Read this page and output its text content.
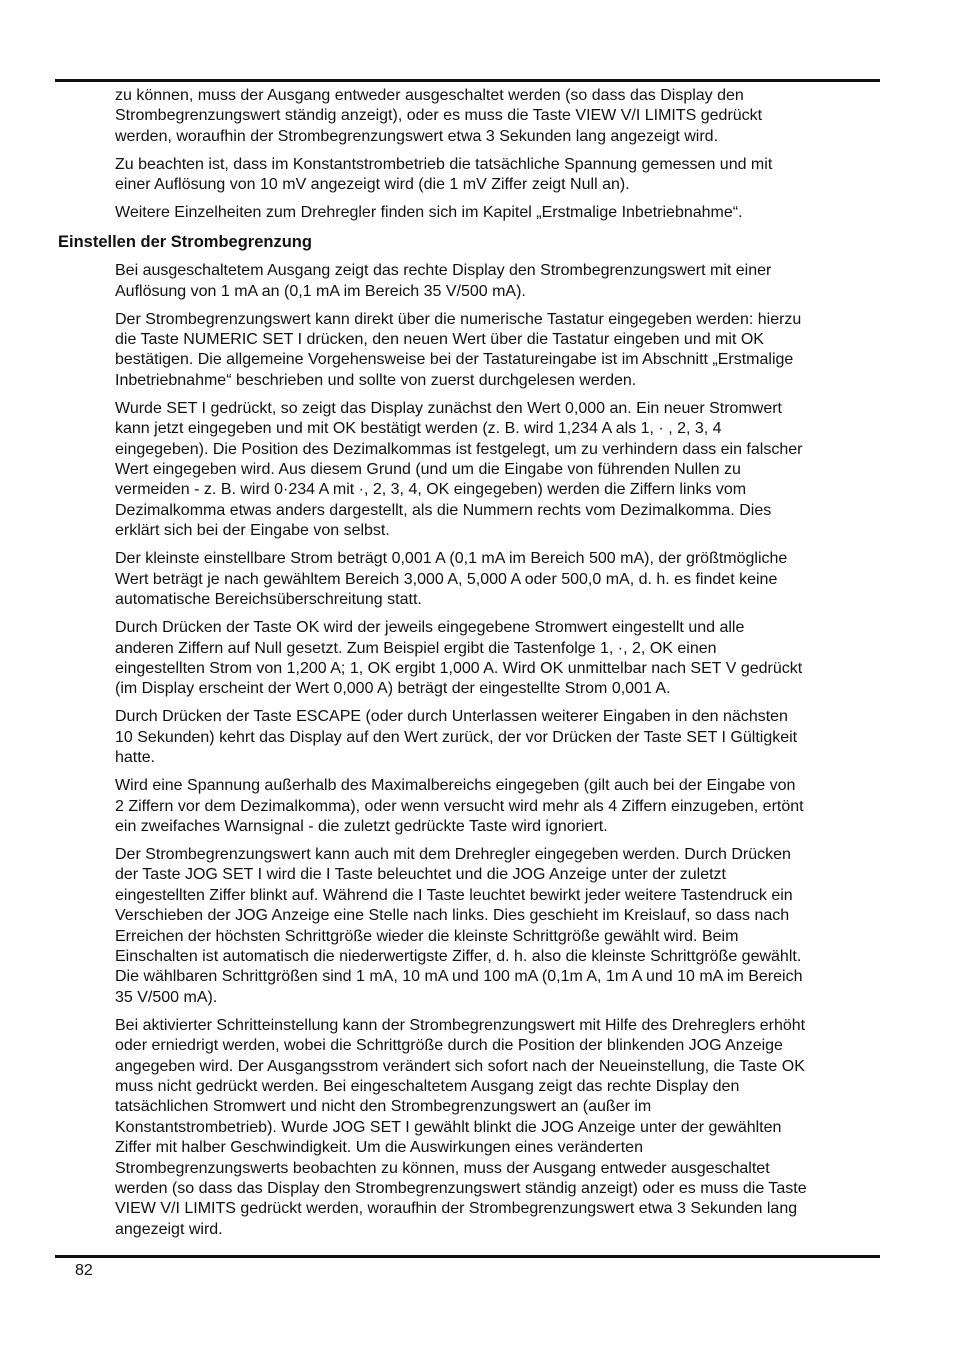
zu können, muss der Ausgang entweder ausgeschaltet werden (so dass das Display den
Strombegrenzungswert ständig anzeigt), oder es muss die Taste VIEW V/I LIMITS gedrückt
werden, woraufhin der Strombegrenzungswert etwa 3 Sekunden lang angezeigt wird.

Zu beachten ist, dass im Konstantstrombetrieb die tatsächliche Spannung gemessen und mit
einer Auflösung von 10 mV angezeigt wird (die 1 mV Ziffer zeigt Null an).

Weitere Einzelheiten zum Drehregler finden sich im Kapitel „Erstmalige Inbetriebnahme“.

Einstellen der Strombegrenzung

Bei ausgeschaltetem Ausgang zeigt das rechte Display den Strombegrenzungswert mit einer
Auflösung von 1 mA an (0,1 mA im Bereich 35 V/500 mA).

Der Strombegrenzungswert kann direkt über die numerische Tastatur eingegeben werden: hierzu
die Taste NUMERIC SET I drücken, den neuen Wert über die Tastatur eingeben und mit OK
bestätigen. Die allgemeine Vorgehensweise bei der Tastatureingabe ist im Abschnitt „Erstmalige
Inbetriebnahme“ beschrieben und sollte von zuerst durchgelesen werden.

Wurde SET I gedrückt, so zeigt das Display zunächst den Wert 0,000 an. Ein neuer Stromwert
kann jetzt eingegeben und mit OK bestätigt werden (z. B. wird 1,234 A als 1, · , 2, 3, 4
eingegeben). Die Position des Dezimalkommas ist festgelegt, um zu verhindern dass ein falscher
Wert eingegeben wird. Aus diesem Grund (und um die Eingabe von führenden Nullen zu
vermeiden - z. B. wird 0·234 A mit ·, 2, 3, 4, OK eingegeben) werden die Ziffern links vom
Dezimalkomma etwas anders dargestellt, als die Nummern rechts vom Dezimalkomma. Dies
erklärt sich bei der Eingabe von selbst.

Der kleinste einstellbare Strom beträgt 0,001 A (0,1 mA im Bereich 500 mA), der größtmögliche
Wert beträgt je nach gewähltem Bereich 3,000 A, 5,000 A oder 500,0 mA, d. h. es findet keine
automatische Bereichsüberschreitung statt.

Durch Drücken der Taste OK wird der jeweils eingegebene Stromwert eingestellt und alle
anderen Ziffern auf Null gesetzt. Zum Beispiel ergibt die Tastenfolge 1, ·, 2, OK einen
eingestellten Strom von 1,200 A; 1, OK ergibt 1,000 A. Wird OK unmittelbar nach SET V gedrückt
(im Display erscheint der Wert 0,000 A) beträgt der eingestellte Strom 0,001 A.

Durch Drücken der Taste ESCAPE (oder durch Unterlassen weiterer Eingaben in den nächsten
10 Sekunden) kehrt das Display auf den Wert zurück, der vor Drücken der Taste SET I Gültigkeit
hatte.

Wird eine Spannung außerhalb des Maximalbereichs eingegeben (gilt auch bei der Eingabe von
2 Ziffern vor dem Dezimalkomma), oder wenn versucht wird mehr als 4 Ziffern einzugeben, ertönt
ein zweifaches Warnsignal - die zuletzt gedrückte Taste wird ignoriert.

Der Strombegrenzungswert kann auch mit dem Drehregler eingegeben werden. Durch Drücken
der Taste JOG SET I wird die I Taste beleuchtet und die JOG Anzeige unter der zuletzt
eingestellten Ziffer blinkt auf. Während die I Taste leuchtet bewirkt jeder weitere Tastendruck ein
Verschieben der JOG Anzeige eine Stelle nach links. Dies geschieht im Kreislauf, so dass nach
Erreichen der höchsten Schrittgröße wieder die kleinste Schrittgröße gewählt wird. Beim
Einschalten ist automatisch die niederwertigste Ziffer, d. h. also die kleinste Schrittgröße gewählt.
Die wählbaren Schrittgrößen sind 1 mA, 10 mA und 100 mA (0,1m A, 1m A und 10 mA im Bereich
35 V/500 mA).

Bei aktivierter Schritteinstellung kann der Strombegrenzungswert mit Hilfe des Drehreglers erhöht
oder erniedrigt werden, wobei die Schrittgröße durch die Position der blinkenden JOG Anzeige
angegeben wird. Der Ausgangsstrom verändert sich sofort nach der Neueinstellung, die Taste OK
muss nicht gedrückt werden. Bei eingeschaltetem Ausgang zeigt das rechte Display den
tatsächlichen Stromwert und nicht den Strombegrenzungswert an (außer im
Konstantstrombetrieb). Wurde JOG SET I gewählt blinkt die JOG Anzeige unter der gewählten
Ziffer mit halber Geschwindigkeit. Um die Auswirkungen eines veränderten
Strombegrenzungswerts beobachten zu können, muss der Ausgang entweder ausgeschaltet
werden (so dass das Display den Strombegrenzungswert ständig anzeigt) oder es muss die Taste
VIEW V/I LIMITS gedrückt werden, woraufhin der Strombegrenzungswert etwa 3 Sekunden lang
angezeigt wird.

82
